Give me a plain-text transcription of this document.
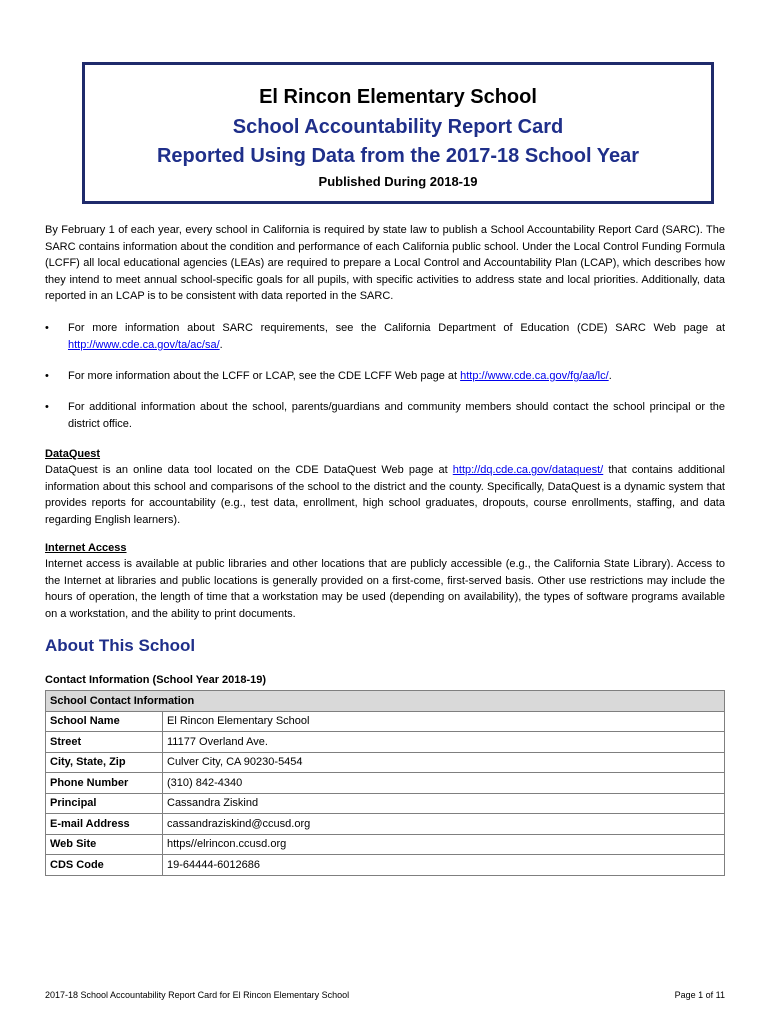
El Rincon Elementary School
School Accountability Report Card
Reported Using Data from the 2017-18 School Year
Published During 2018-19

By February 1 of each year, every school in California is required by state law to publish a School Accountability Report Card (SARC). The SARC contains information about the condition and performance of each California public school. Under the Local Control Funding Formula (LCFF) all local educational agencies (LEAs) are required to prepare a Local Control and Accountability Plan (LCAP), which describes how they intend to meet annual school-specific goals for all pupils, with specific activities to address state and local priorities. Additionally, data reported in an LCAP is to be consistent with data reported in the SARC.

• For more information about SARC requirements, see the California Department of Education (CDE) SARC Web page at http://www.cde.ca.gov/ta/ac/sa/.
• For more information about the LCFF or LCAP, see the CDE LCFF Web page at http://www.cde.ca.gov/fg/aa/lc/.
• For additional information about the school, parents/guardians and community members should contact the school principal or the district office.
DataQuest

DataQuest is an online data tool located on the CDE DataQuest Web page at http://dq.cde.ca.gov/dataquest/ that contains additional information about this school and comparisons of the school to the district and the county. Specifically, DataQuest is a dynamic system that provides reports for accountability (e.g., test data, enrollment, high school graduates, dropouts, course enrollments, staffing, and data regarding English learners).

Internet Access

Internet access is available at public libraries and other locations that are publicly accessible (e.g., the California State Library). Access to the Internet at libraries and public locations is generally provided on a first-come, first-served basis. Other use restrictions may include the hours of operation, the length of time that a workstation may be used (depending on availability), the types of software programs available on a workstation, and the ability to print documents.

About This School
Contact Information (School Year 2018-19)
School Contact Information	
School Name	El Rincon Elementary School
Street	11177 Overland Ave.
City, State, Zip	Culver City, CA 90230-5454
Phone Number	(310) 842-4340
Principal	Cassandra Ziskind
E-mail Address	cassandraziskind@ccusd.org
Web Site	https//elrincon.ccusd.org
CDS Code	19-64444-6012686
2017-18 School Accountability Report Card for El Rincon Elementary School	Page 1 of 11
